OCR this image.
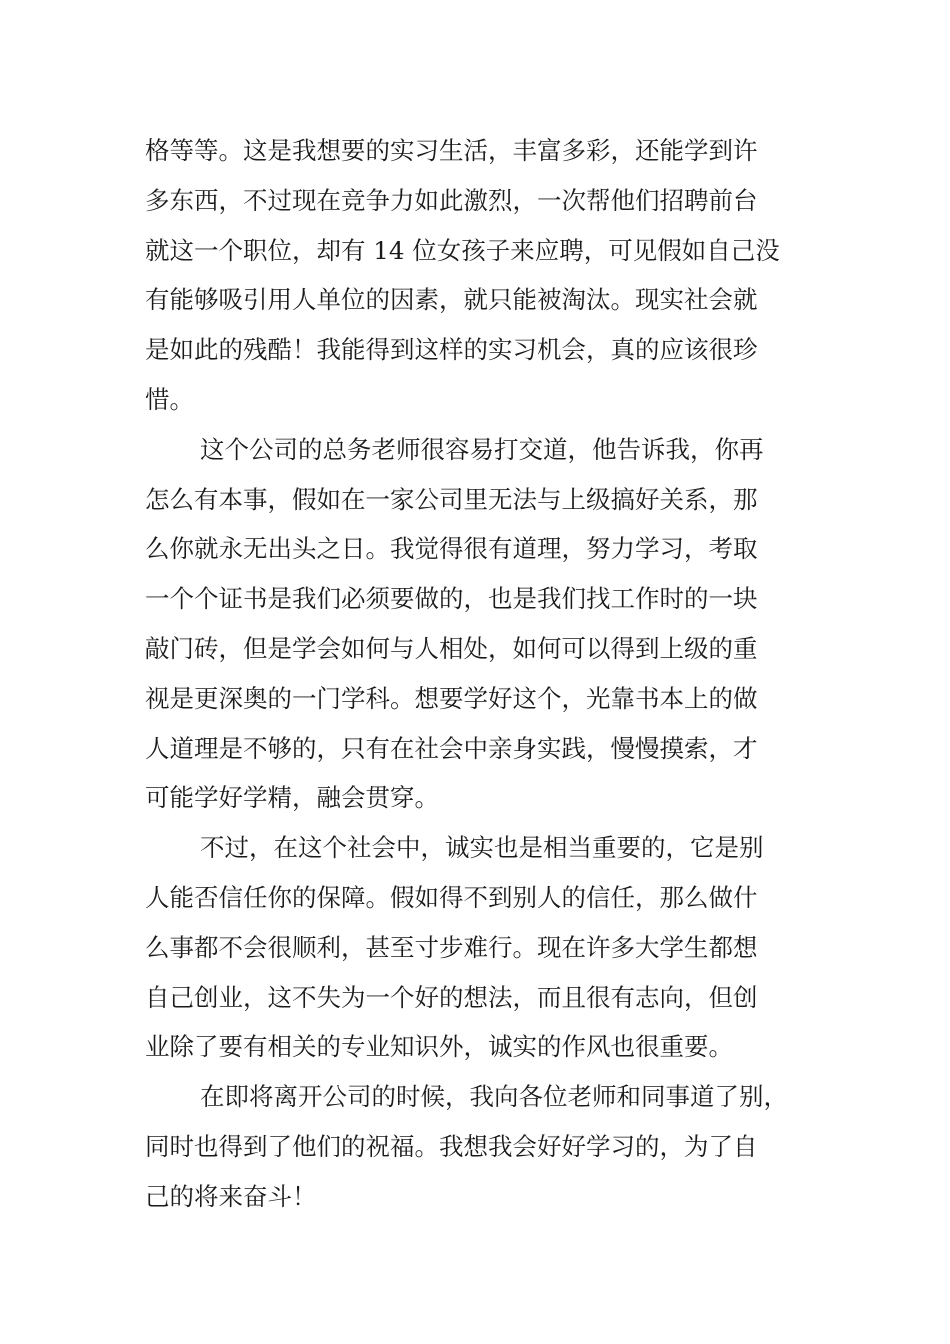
格等等。这是我想要的实习生活，丰富多彩，还能学到许
多东西，不过现在竞争力如此激烈，一次帮他们招聘前台
就这一个职位，却有 14 位女孩子来应聘，可见假如自己没
有能够吸引用人单位的因素，就只能被淘汰。现实社会就
是如此的残酷！我能得到这样的实习机会，真的应该很珍
惜。
这个公司的总务老师很容易打交道，他告诉我，你再
怎么有本事，假如在一家公司里无法与上级搞好关系，那
么你就永无出头之日。我觉得很有道理，努力学习，考取
一个个证书是我们必须要做的，也是我们找工作时的一块
敲门砖，但是学会如何与人相处，如何可以得到上级的重
视是更深奥的一门学科。想要学好这个，光靠书本上的做
人道理是不够的，只有在社会中亲身实践，慢慢摸索，才
可能学好学精，融会贯穿。
不过，在这个社会中，诚实也是相当重要的，它是别
人能否信任你的保障。假如得不到别人的信任，那么做什
么事都不会很顺利，甚至寸步难行。现在许多大学生都想
自己创业，这不失为一个好的想法，而且很有志向，但创
业除了要有相关的专业知识外，诚实的作风也很重要。
在即将离开公司的时候，我向各位老师和同事道了别，
同时也得到了他们的祝福。我想我会好好学习的，为了自
己的将来奋斗！
